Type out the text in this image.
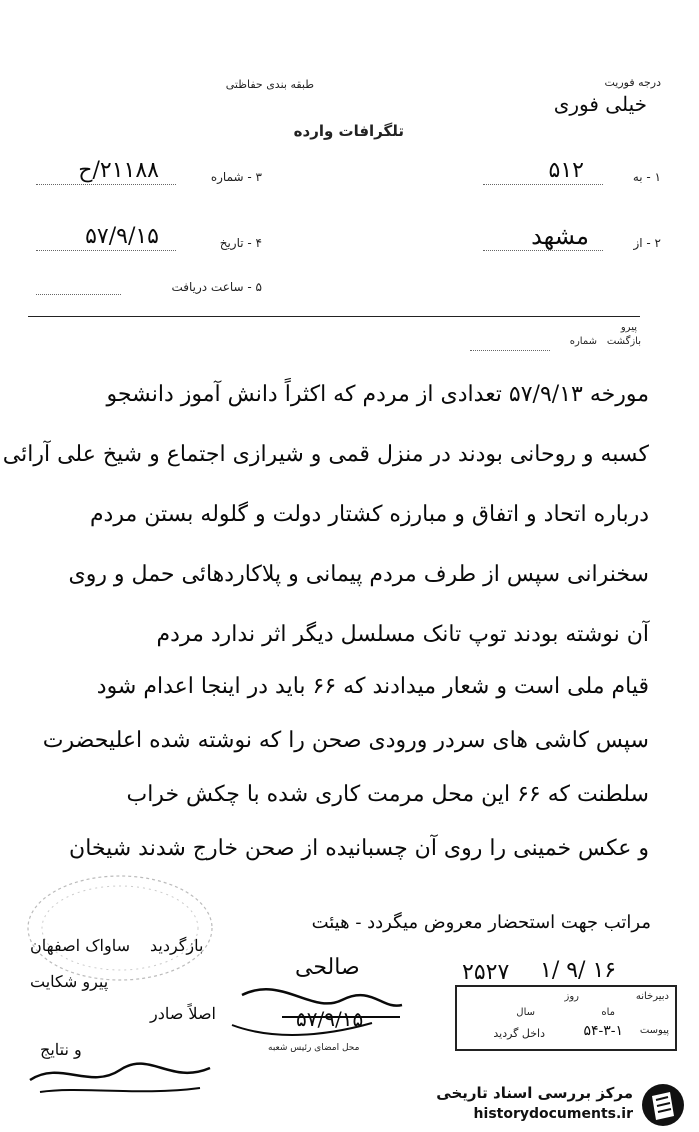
طبقه بندی حفاظتی	درجه فوریت
خیلی فوری
تلگرافات وارده
۱ - به
۵۱۲
۳ - شماره
۲۱۱۸۸/ح
۲ - از
مشهد
۴ - تاریخ
۵۷/۹/۱۵
۵ - ساعت دریافت
پیرو
بازگشت
شماره
مورخه ۵۷/۹/۱۳ تعدادی از مردم که اکثراً دانش آموز دانشجو
کسبه و روحانی بودند در منزل قمی و شیرازی اجتماع و شیخ علی آرائی
درباره اتحاد و اتفاق و مبارزه کشتار دولت و گلوله بستن مردم
سخنرانی سپس از طرف مردم پیمانی و پلاکاردهائی حمل و روی
آن نوشته بودند توپ تانک مسلسل دیگر اثر ندارد مردم
قیام ملی است و شعار میدادند که ۶۶ باید در اینجا اعدام شود
سپس کاشی های سردر ورودی صحن را که نوشته شده اعلیحضرت
سلطنت که ۶۶ این محل مرمت کاری شده با چکش خراب
و عکس خمینی را روی آن چسبانیده از صحن خارج شدند شیخان
مراتب جهت استحضار معروض میگردد - هیئت
ساواک اصفهان بازگردید
پیرو شکایت
اصلاً صادر
و نتایج
صالحی
۵۷/۹/۱۵
محل امضای رئیس شعبه
۲۵۲۷ ۱/ ۹/ ۱۶
دبیرخانه
روز
ماه
سال
پیوست
داخل گردید	۵۴-۳-۱
مرکز بررسی اسناد تاریخی
historydocuments.ir
